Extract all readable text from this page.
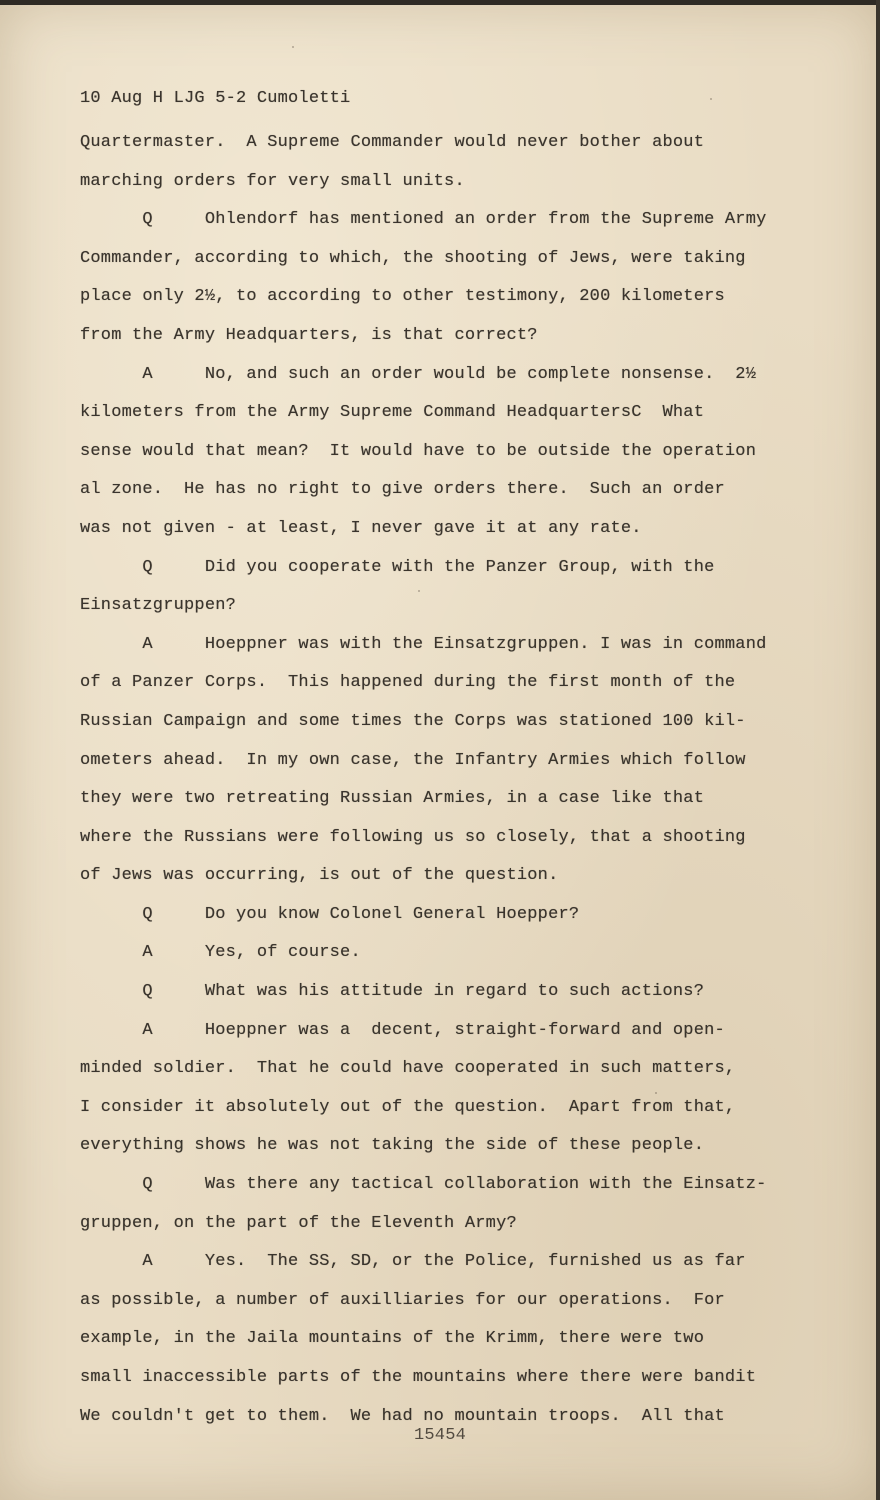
10 Aug H LJG 5-2 Cumoletti
Quartermaster.  A Supreme Commander would never bother about
marching orders for very small units.
Q     Ohlendorf has mentioned an order from the Supreme Army
Commander, according to which, the shooting of Jews, were taking
place only 2½, to according to other testimony, 200 kilometers
from the Army Headquarters, is that correct?
A     No, and such an order would be complete nonsense.  2½
kilometers from the Army Supreme Command HeadquartersC  What
sense would that mean?  It would have to be outside the operation
al zone.  He has no right to give orders there.  Such an order
was not given - at least, I never gave it at any rate.
Q     Did you cooperate with the Panzer Group, with the
Einsatzgruppen?
A     Hoeppner was with the Einsatzgruppen. I was in command
of a Panzer Corps.  This happened during the first month of the
Russian Campaign and some times the Corps was stationed 100 kil-
ometers ahead.  In my own case, the Infantry Armies which follow
they were two retreating Russian Armies, in a case like that
where the Russians were following us so closely, that a shooting
of Jews was occurring, is out of the question.
Q     Do you know Colonel General Hoepper?
A     Yes, of course.
Q     What was his attitude in regard to such actions?
A     Hoeppner was a  decent, straight-forward and open-
minded soldier.  That he could have cooperated in such matters,
I consider it absolutely out of the question.  Apart from that,
everything shows he was not taking the side of these people.
Q     Was there any tactical collaboration with the Einsatz-
gruppen, on the part of the Eleventh Army?
A     Yes.  The SS, SD, or the Police, furnished us as far
as possible, a number of auxilliaries for our operations.  For
example, in the Jaila mountains of the Krimm, there were two
small inaccessible parts of the mountains where there were bandit
We couldn't get to them.  We had no mountain troops.  All that
15454
